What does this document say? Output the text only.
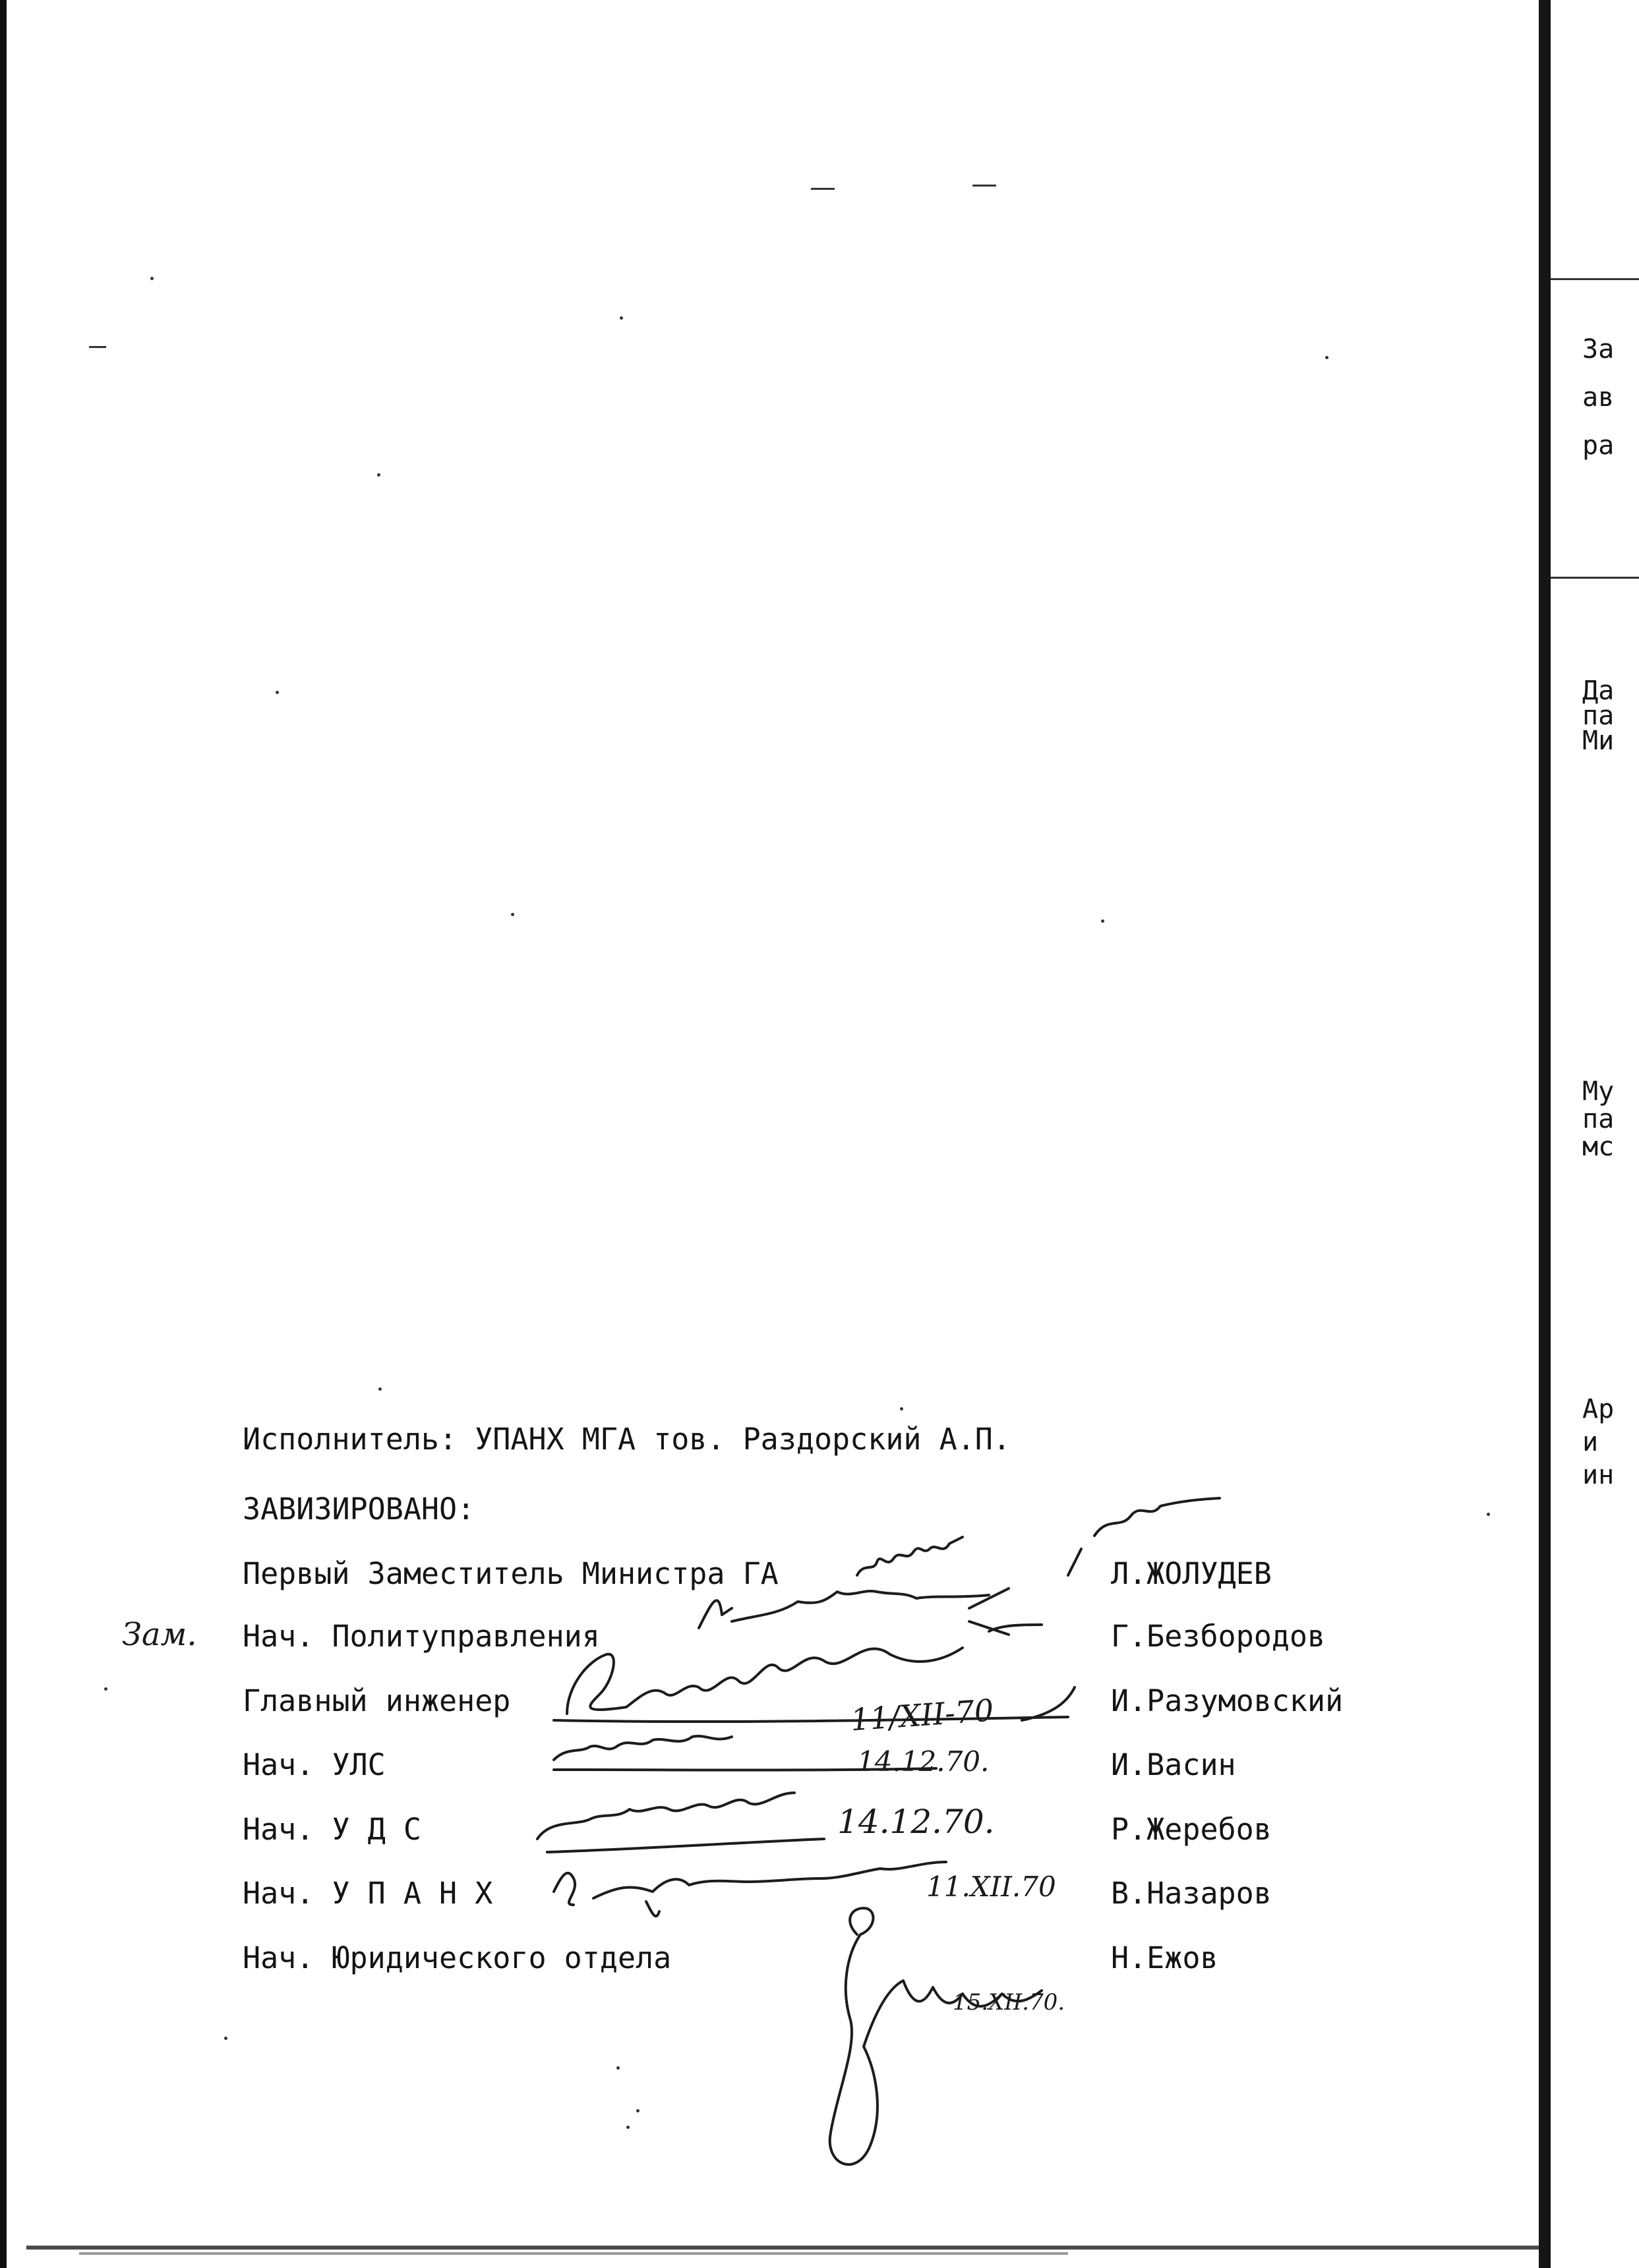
За
ав
ра
Да
па
Ми
Му
па
мс
Ар
и
ин
Исполнитель: УПАНХ МГА тов. Раздорский А.П.
ЗАВИЗИРОВАНО:
Первый Заместитель Министра ГА	Л.ЖОЛУДЕВ
Зам. Нач. Политуправления	Г.Безбородов
Главный инженер	И.Разумовский
Нач. УЛС	И.Васин
Нач. У Д С	Р.Жеребов
Нач. У П А Н Х	В.Назаров
Нач. Юридического отдела	Н.Ежов
11/XII-70
14.12.70.
14.12.70.
11.XII.70
15.XII.70.
